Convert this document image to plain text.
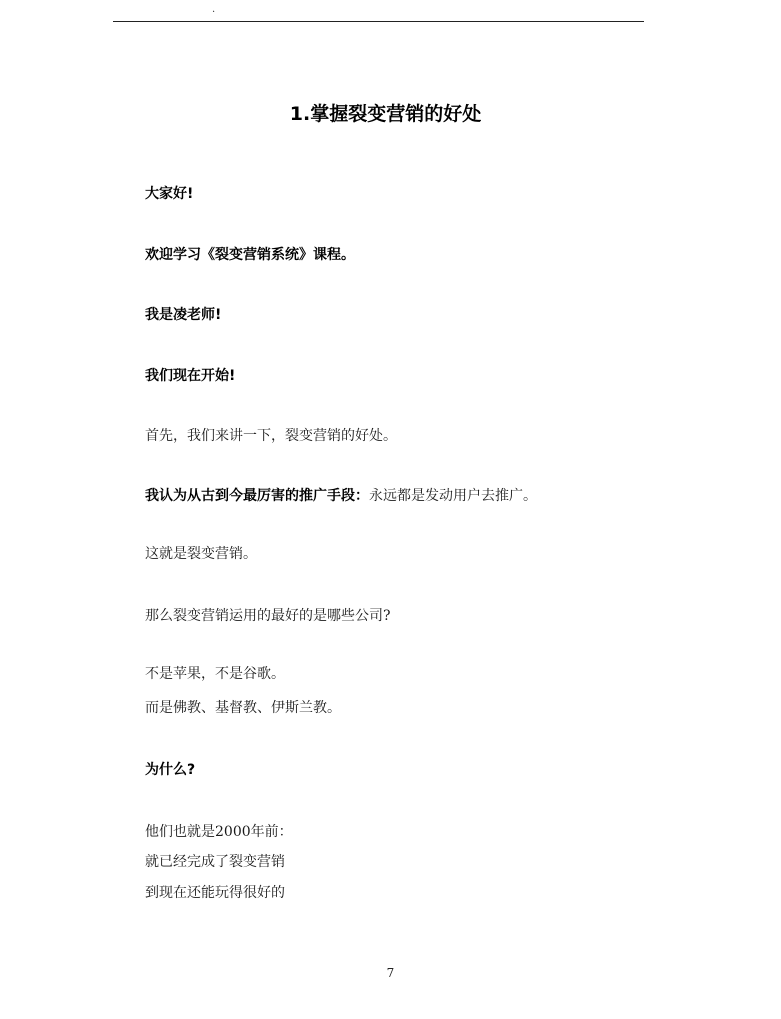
.
1.掌握裂变营销的好处

大家好!

欢迎学习《裂变营销系统》课程。

我是凌老师!

我们现在开始!

首先，我们来讲一下，裂变营销的好处。

我认为从古到今最厉害的推广手段：永远都是发动用户去推广。

这就是裂变营销。

那么裂变营销运用的最好的是哪些公司?

不是苹果，不是谷歌。

而是佛教、基督教、伊斯兰教。

为什么?

他们也就是2000年前：

就已经完成了裂变营销

到现在还能玩得很好的

7
